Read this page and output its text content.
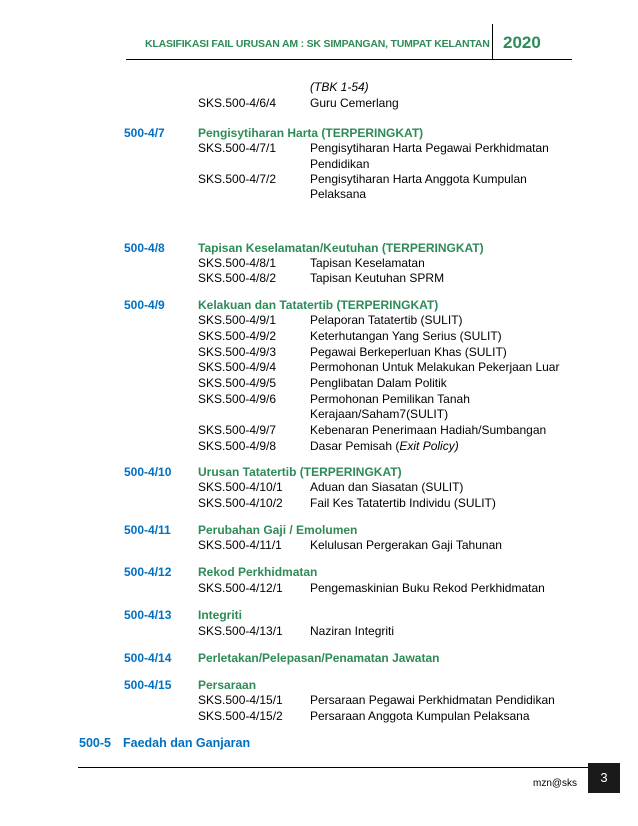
KLASIFIKASI FAIL URUSAN AM : SK SIMPANGAN, TUMPAT KELANTAN 2020
(TBK 1-54)
SKS.500-4/6/4	Guru Cemerlang
500-4/7	Pengisytiharan Harta (TERPERINGKAT)
SKS.500-4/7/1	Pengisytiharan Harta Pegawai Perkhidmatan
Pendidikan
SKS.500-4/7/2	Pengisytiharan Harta Anggota Kumpulan
Pelaksana
500-4/8	Tapisan Keselamatan/Keutuhan (TERPERINGKAT)
SKS.500-4/8/1	Tapisan Keselamatan
SKS.500-4/8/2	Tapisan Keutuhan SPRM
500-4/9	Kelakuan dan Tatatertib (TERPERINGKAT)
SKS.500-4/9/1	Pelaporan Tatatertib (SULIT)
SKS.500-4/9/2	Keterhutangan Yang Serius (SULIT)
SKS.500-4/9/3	Pegawai Berkeperluan Khas (SULIT)
SKS.500-4/9/4	Permohonan Untuk Melakukan Pekerjaan Luar
SKS.500-4/9/5	Penglibatan Dalam Politik
SKS.500-4/9/6	Permohonan Pemilikan Tanah
Kerajaan/Saham7(SULIT)
SKS.500-4/9/7	Kebenaran Penerimaan Hadiah/Sumbangan
SKS.500-4/9/8	Dasar Pemisah (Exit Policy)
500-4/10 Urusan Tatatertib (TERPERINGKAT)
SKS.500-4/10/1 Aduan dan Siasatan (SULIT)
SKS.500-4/10/2 Fail Kes Tatatertib Individu (SULIT)
500-4/11 Perubahan Gaji / Emolumen
SKS.500-4/11/1 Kelulusan Pergerakan Gaji Tahunan
500-4/12 Rekod Perkhidmatan
SKS.500-4/12/1 Pengemaskinian Buku Rekod Perkhidmatan
500-4/13 Integriti
SKS.500-4/13/1 Naziran Integriti
500-4/14 Perletakan/Pelepasan/Penamatan Jawatan
500-4/15 Persaraan
SKS.500-4/15/1 Persaraan Pegawai Perkhidmatan Pendidikan
SKS.500-4/15/2 Persaraan Anggota Kumpulan Pelaksana
500-5 Faedah dan Ganjaran
mzn@sks	3
